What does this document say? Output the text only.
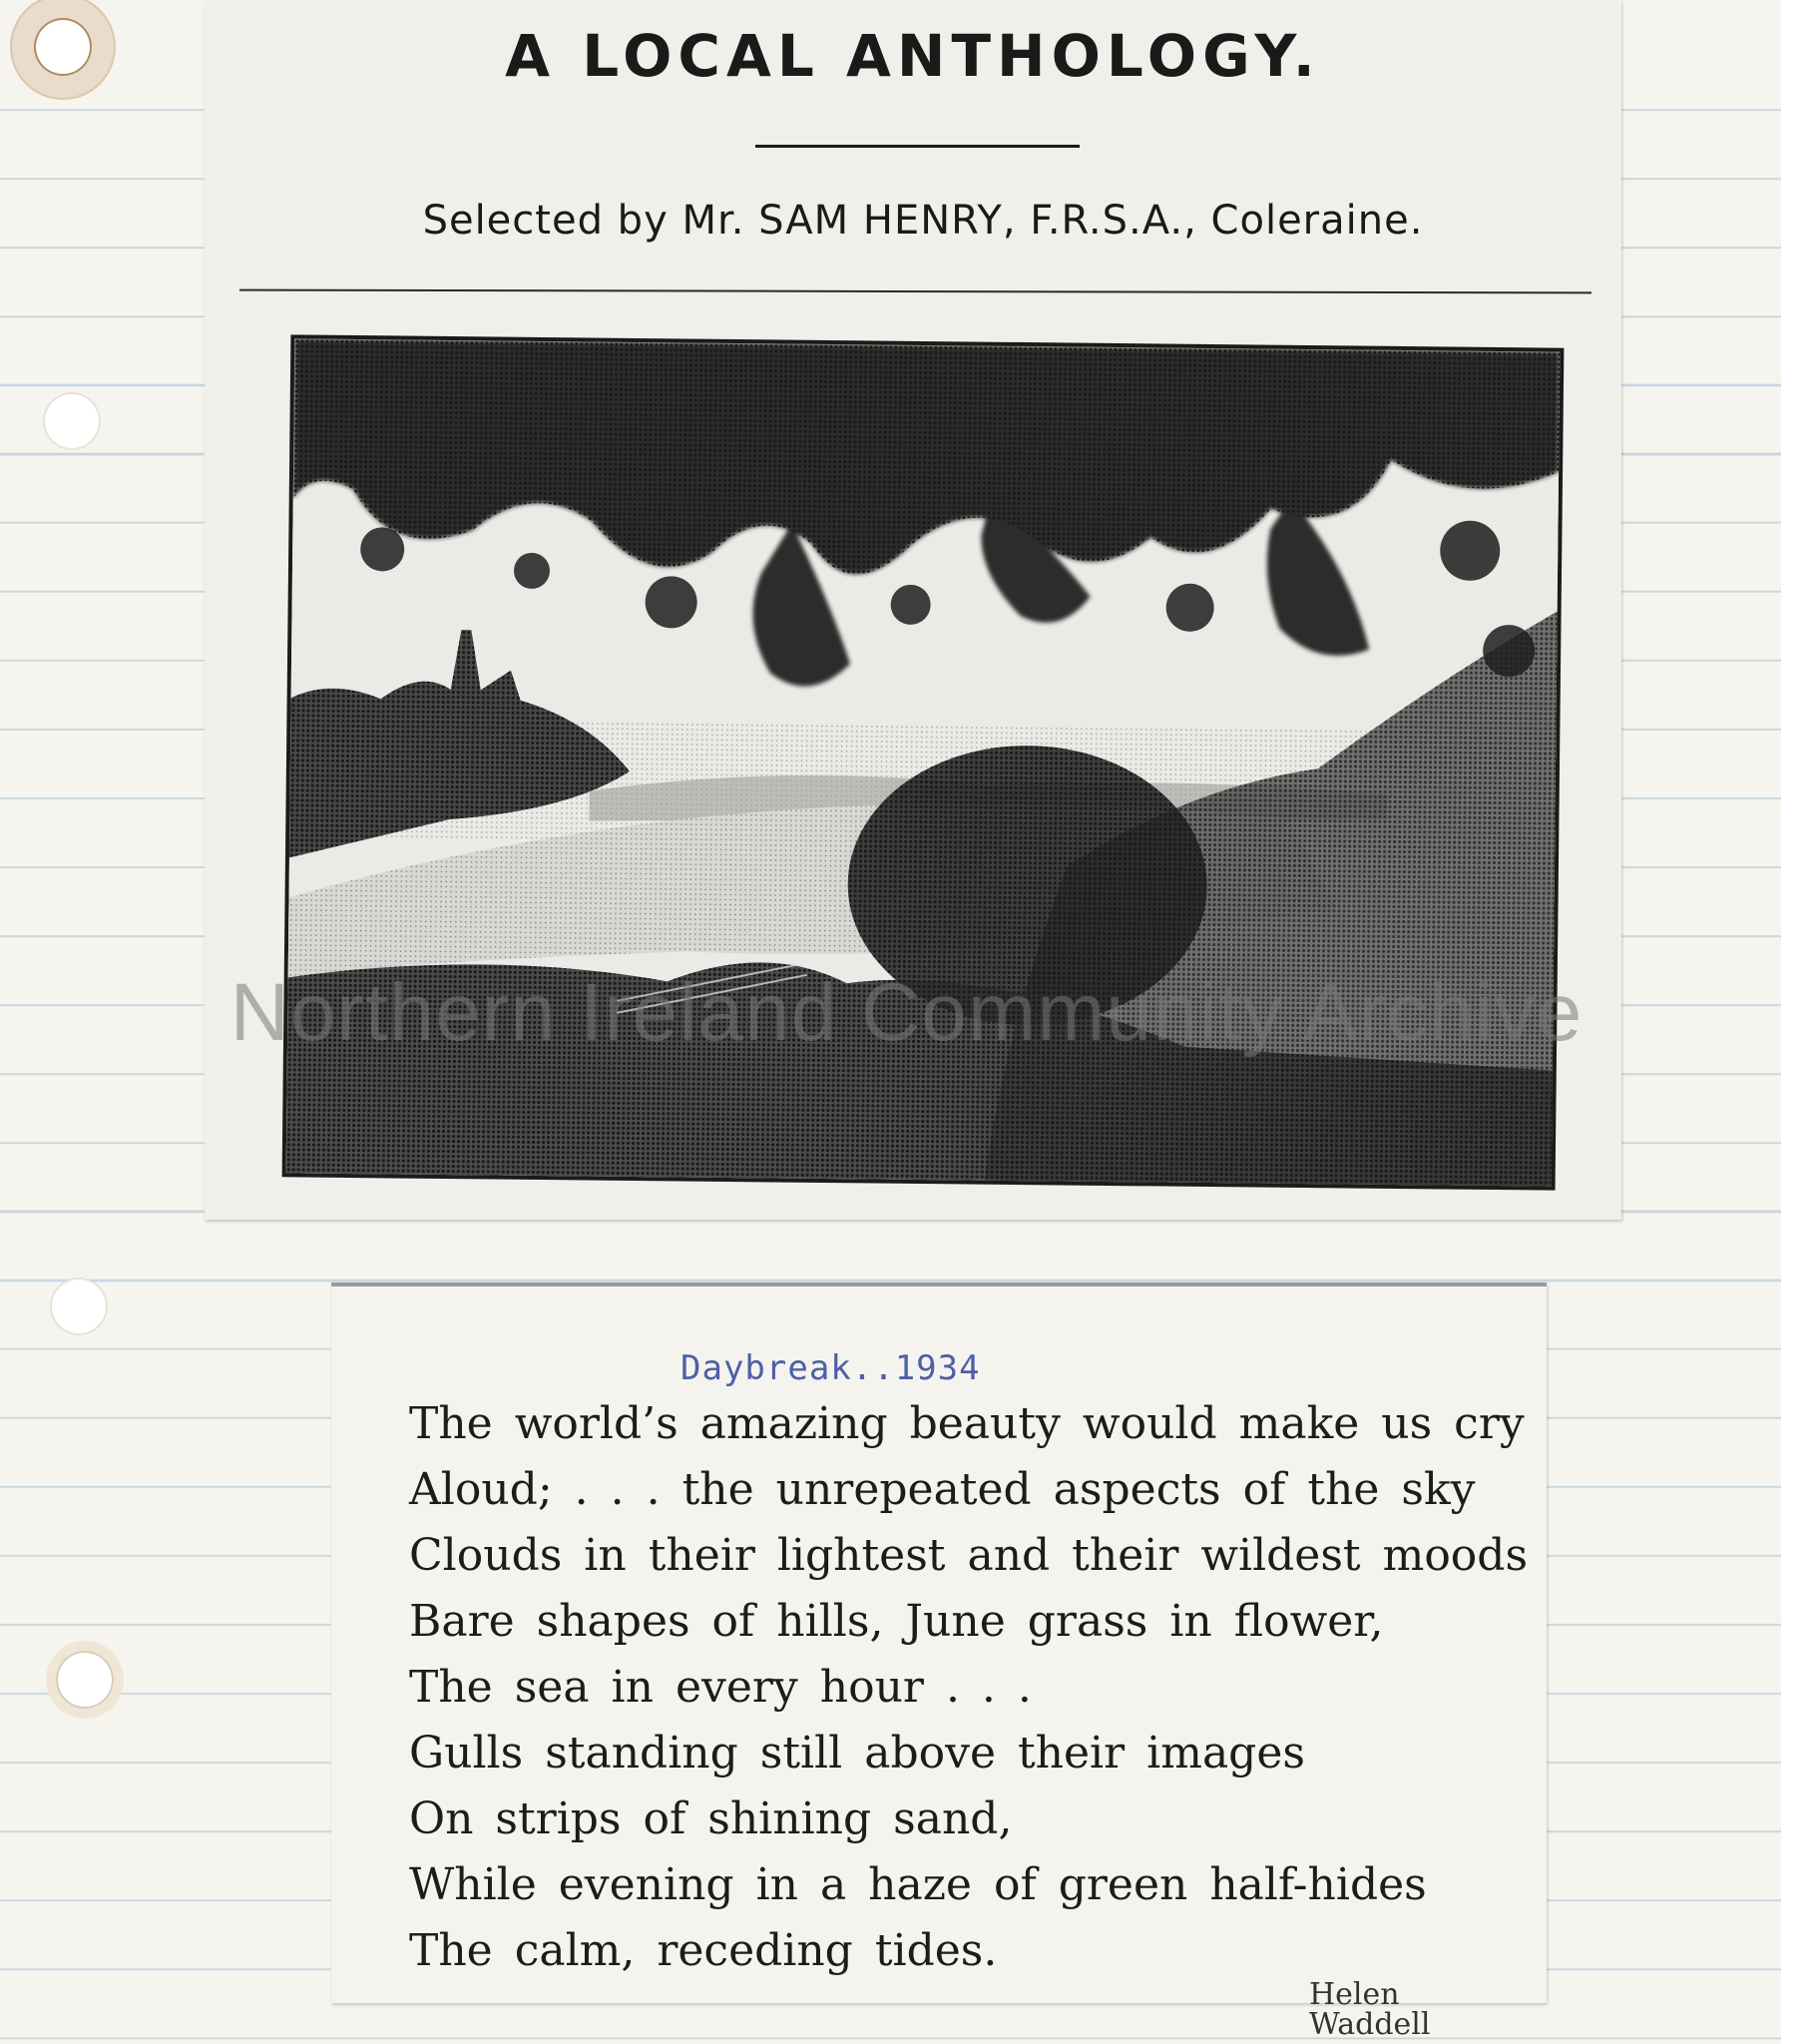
A LOCAL ANTHOLOGY.
Selected by Mr. SAM HENRY, F.R.S.A., Coleraine.
Daybreak..1934
The world’s amazing beauty would make us cry
Aloud; . . . the unrepeated aspects of the sky
Clouds in their lightest and their wildest moods
Bare shapes of hills, June grass in flower,
The sea in every hour . . .
Gulls standing still above their images
On strips of shining sand,
While evening in a haze of green half-hides
The calm, receding tides.
Helen Waddell
Northern Ireland Community Archive
